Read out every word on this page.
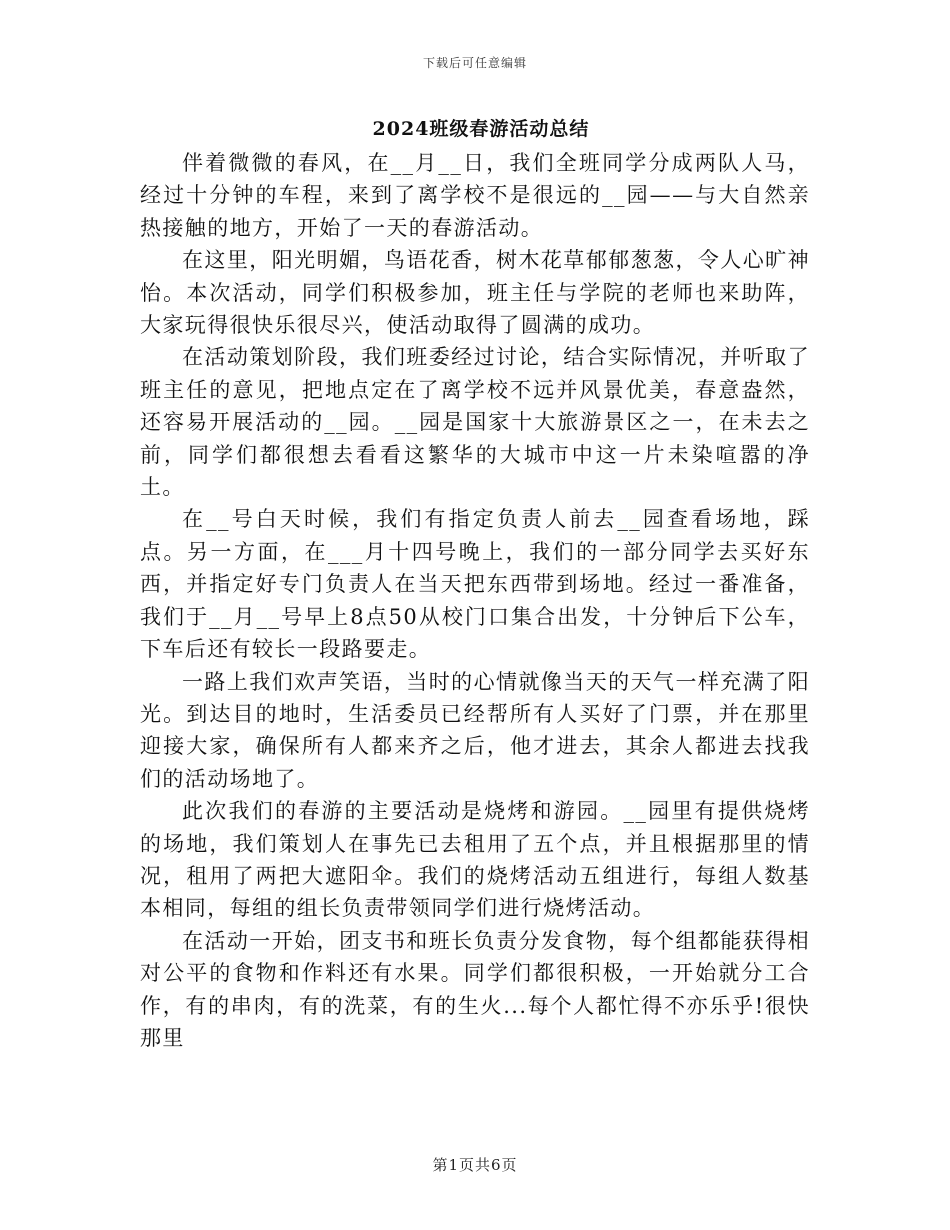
下载后可任意编辑
2024班级春游活动总结

伴着微微的春风，在__月__日，我们全班同学分成两队人马，经过十分钟的车程，来到了离学校不是很远的__园——与大自然亲热接触的地方，开始了一天的春游活动。

在这里，阳光明媚，鸟语花香，树木花草郁郁葱葱，令人心旷神怡。本次活动，同学们积极参加，班主任与学院的老师也来助阵，大家玩得很快乐很尽兴，使活动取得了圆满的成功。

在活动策划阶段，我们班委经过讨论，结合实际情况，并听取了班主任的意见，把地点定在了离学校不远并风景优美，春意盎然，还容易开展活动的__园。__园是国家十大旅游景区之一，在未去之前，同学们都很想去看看这繁华的大城市中这一片未染喧嚣的净土。

在__号白天时候，我们有指定负责人前去__园查看场地，踩点。另一方面，在___月十四号晚上，我们的一部分同学去买好东西，并指定好专门负责人在当天把东西带到场地。经过一番准备，我们于__月__号早上8点50从校门口集合出发，十分钟后下公车，下车后还有较长一段路要走。

一路上我们欢声笑语，当时的心情就像当天的天气一样充满了阳光。到达目的地时，生活委员已经帮所有人买好了门票，并在那里迎接大家，确保所有人都来齐之后，他才进去，其余人都进去找我们的活动场地了。

此次我们的春游的主要活动是烧烤和游园。__园里有提供烧烤的场地，我们策划人在事先已去租用了五个点，并且根据那里的情况，租用了两把大遮阳伞。我们的烧烤活动五组进行，每组人数基本相同，每组的组长负责带领同学们进行烧烤活动。

在活动一开始，团支书和班长负责分发食物，每个组都能获得相对公平的食物和作料还有水果。同学们都很积极，一开始就分工合作，有的串肉，有的洗菜，有的生火...每个人都忙得不亦乐乎!很快那里

第1页共6页
